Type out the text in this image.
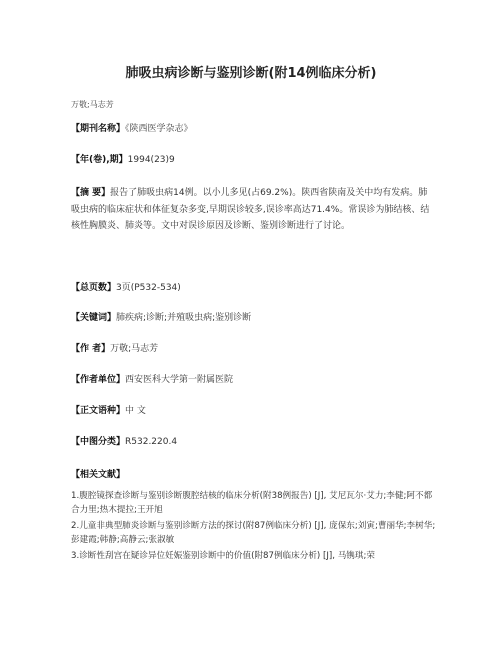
肺吸虫病诊断与鉴别诊断(附14例临床分析)
万敬;马志芳
【期刊名称】《陕西医学杂志》
【年(卷),期】1994(23)9
【摘 要】报告了肺吸虫病14例。以小儿多见(占69.2%)。陕西省陕南及关中均有发病。肺吸虫病的临床症状和体征复杂多变,早期误诊较多,误诊率高达71.4%。常误诊为肺结核、结核性胸膜炎、肺炎等。文中对误诊原因及诊断、鉴别诊断进行了讨论。
【总页数】3页(P532-534)
【关键词】肺疾病;诊断;并殖吸虫病;鉴别诊断
【作 者】万敬;马志芳
【作者单位】西安医科大学第一附属医院
【正文语种】中 文
【中图分类】R532.220.4
【相关文献】
1.腹腔镜探查诊断与鉴别诊断腹腔结核的临床分析(附38例报告) [J], 艾尼瓦尔·艾力;李健;阿不都合力里;热木提拉;王开旭
2.儿童非典型肺炎诊断与鉴别诊断方法的探讨(附87例临床分析) [J], 庞保东;刘寅;曹丽华;李树华;彭建霞;韩静;高静云;张淑敏
3.诊断性刮宫在疑诊异位妊娠鉴别诊断中的价值(附87例临床分析) [J], 马镌琪;荣
